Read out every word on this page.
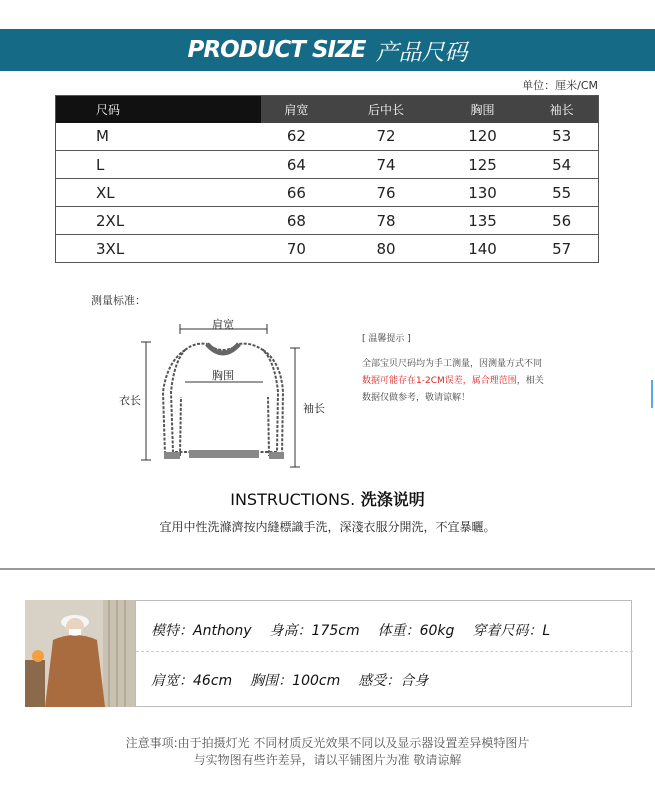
PRODUCT SIZE 产品尺码
单位：厘米/CM
尺码	肩宽	后中长	胸围	袖长
M	62	72	120	53
L	64	74	125	54
XL	66	76	130	55
2XL	68	78	135	56
3XL	70	80	140	57
测量标准：
肩宽
胸围
衣长
袖长
[ 温馨提示 ]
全部宝贝尺码均为手工测量，因测量方式不同
数据可能存在1-2CM误差，属合理范围，相关
数据仅做参考，敬请谅解！
INSTRUCTIONS. 洗涤说明
宜用中性洗滌濟按内縫標識手洗，深淺衣服分開洗，不宜暴曬。
模特：Anthony 身高：175cm 体重：60kg 穿着尺码：L
肩宽：46cm 胸围：100cm 感受：合身
注意事项:由于拍摄灯光 不同材质反光效果不同以及显示器设置差异模特图片
与实物图有些许差异，请以平铺图片为准 敬请谅解
